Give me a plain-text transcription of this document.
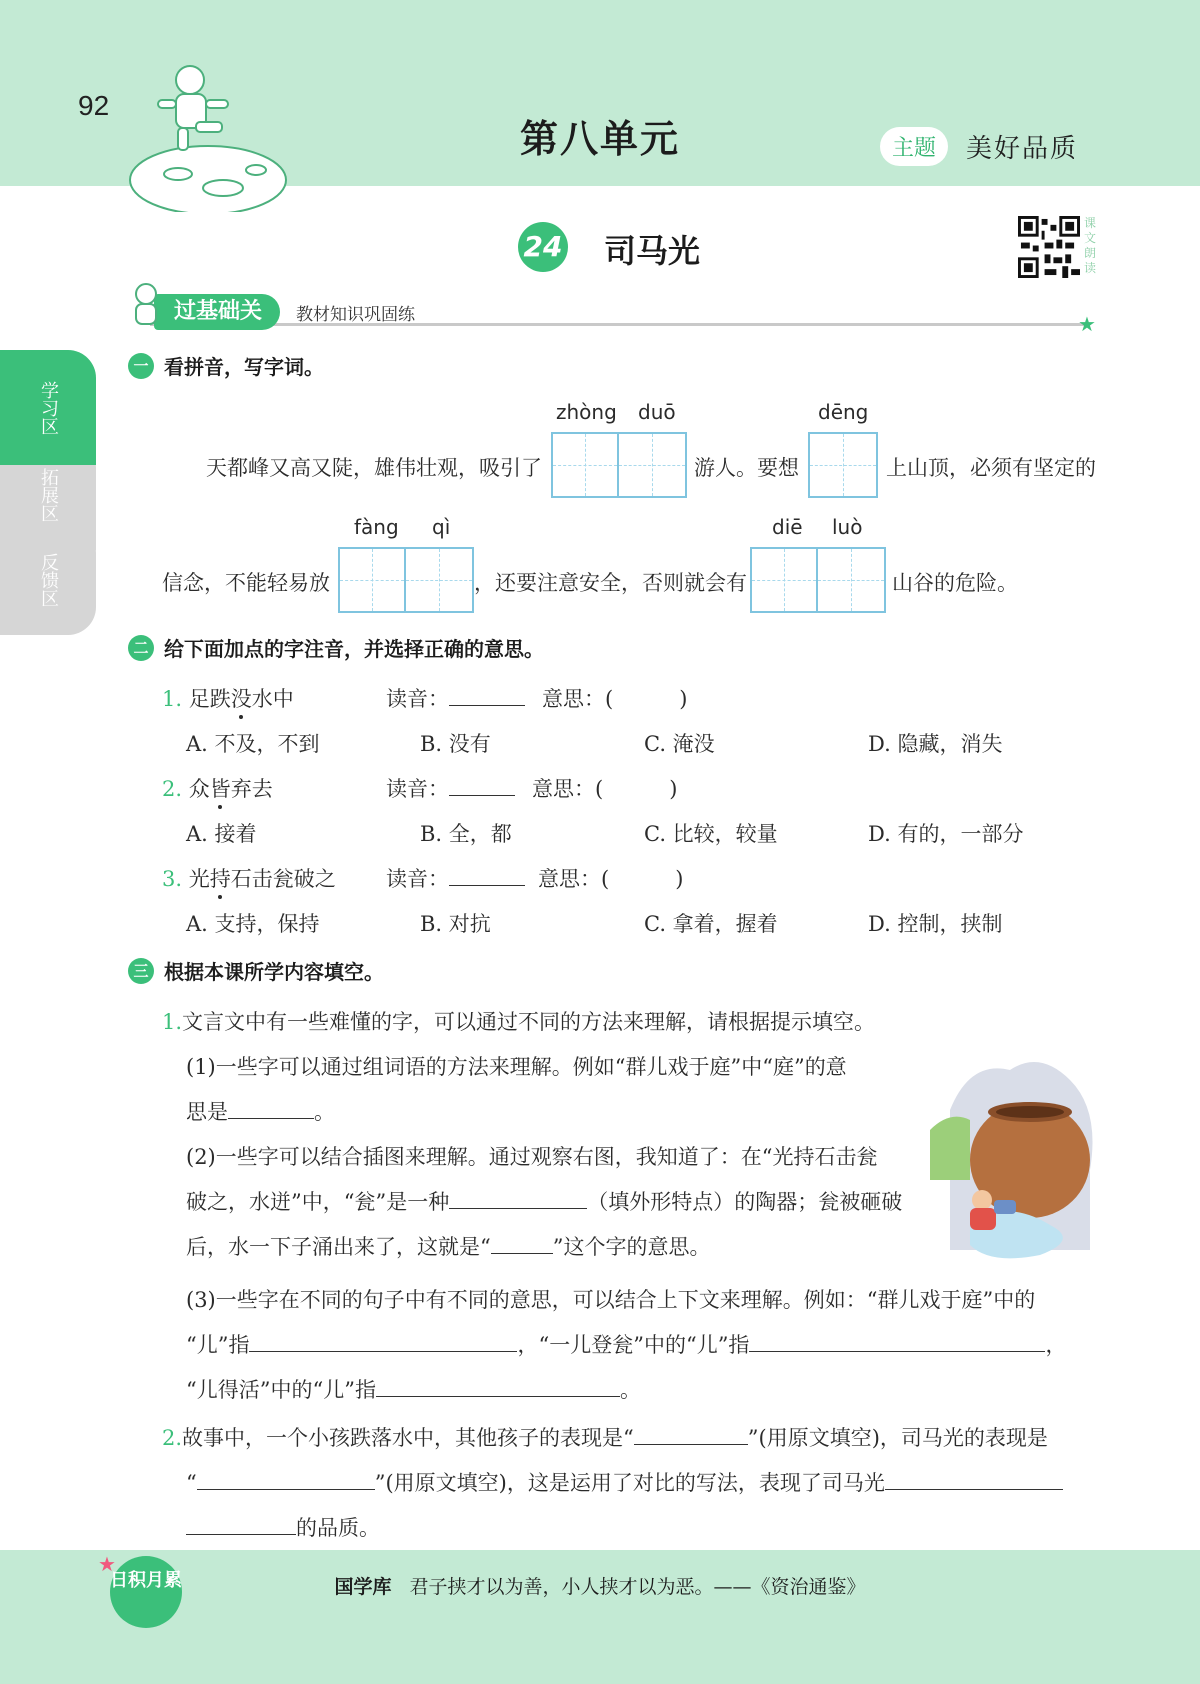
92
第八单元	主题	美好品质
24 司马光
课文朗读
★
过基础关	教材知识巩固练
反馈区
拓展区
学习区
一 看拼音，写字词。
zhòng duō	dēng
天都峰又高又陡，雄伟壮观，吸引了	游人。要想	上山顶，必须有坚定的
fàng qì	diē luò
信念，不能轻易放	，还要注意安全，否则就会有	山谷的危险。
二 给下面加点的字注音，并选择正确的意思。
1. 足跌没水中	读音：	意思：(	)
A. 不及，不到	B. 没有	C. 淹没	D. 隐藏，消失
2. 众皆弃去	读音：	意思：(	)
A. 接着	B. 全，都	C. 比较，较量	D. 有的，一部分
3. 光持石击瓮破之 读音：	意思：(	)
A. 支持，保持	B. 对抗	C. 拿着，握着	D. 控制，挟制
三 根据本课所学内容填空。
1.文言文中有一些难懂的字，可以通过不同的方法来理解，请根据提示填空。
(1)一些字可以通过组词语的方法来理解。例如“群儿戏于庭”中“庭”的意
思是	。
(2)一些字可以结合插图来理解。通过观察右图，我知道了：在“光持石击瓮
破之，水迸”中，“瓮”是一种	（填外形特点）的陶器；瓮被砸破
后，水一下子涌出来了，这就是“	”这个字的意思。
(3)一些字在不同的句子中有不同的意思，可以结合上下文来理解。例如：“群儿戏于庭”中的
“儿”指	，“一儿登瓮”中的“儿”指	，
“儿得活”中的“儿”指	。
2.故事中，一个小孩跌落水中，其他孩子的表现是“	”(用原文填空)，司马光的表现是
“	”(用原文填空)，这是运用了对比的写法，表现了司马光
的品质。
日积月累
★
国学库 君子挟才以为善，小人挟才以为恶。——《资治通鉴》
